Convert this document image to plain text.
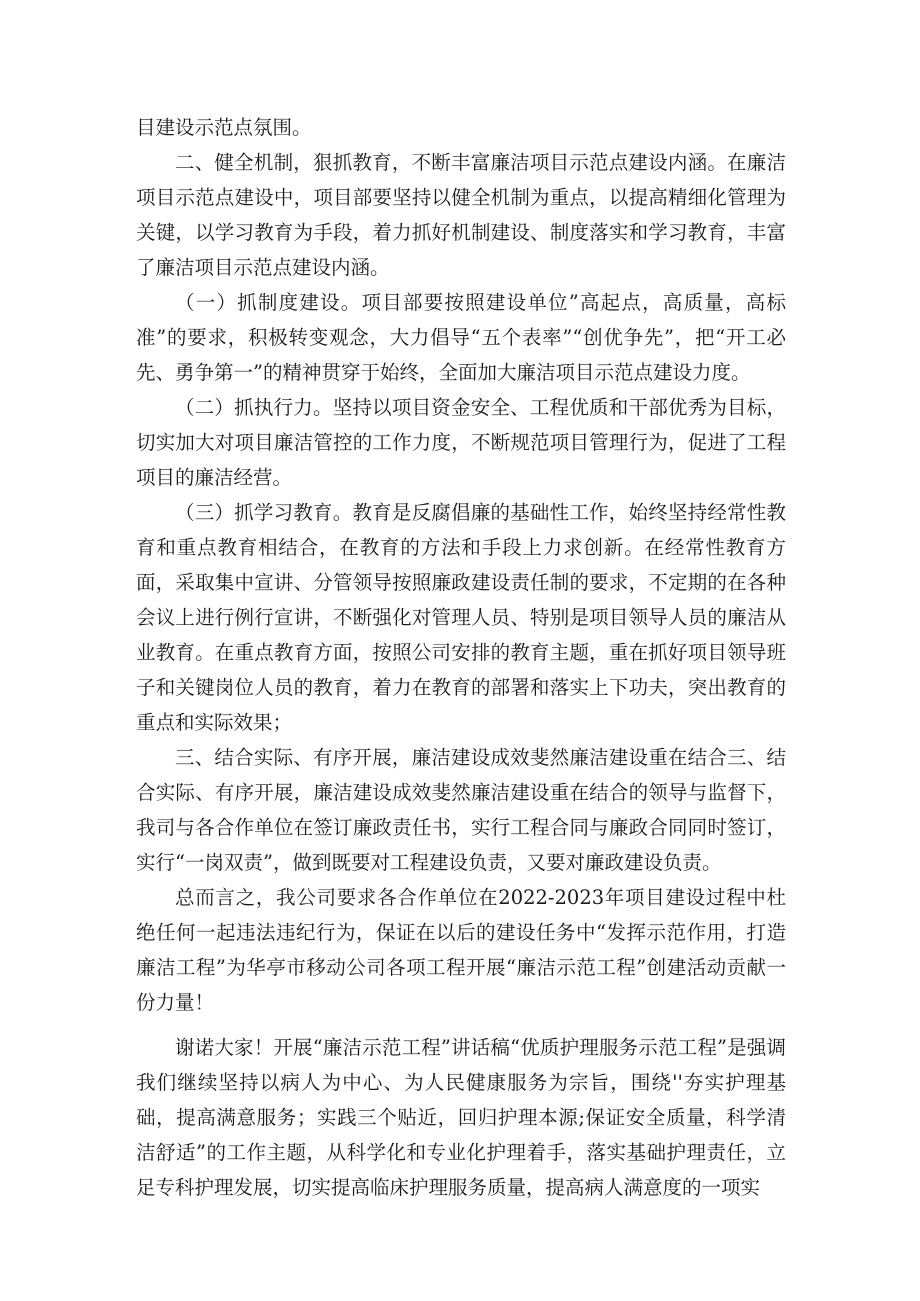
目建设示范点氛围。

二、健全机制，狠抓教育，不断丰富廉洁项目示范点建设内涵。在廉洁项目示范点建设中，项目部要坚持以健全机制为重点，以提高精细化管理为关键，以学习教育为手段，着力抓好机制建设、制度落实和学习教育，丰富了廉洁项目示范点建设内涵。

（一）抓制度建设。项目部要按照建设单位”高起点，高质量，高标准”的要求，积极转变观念，大力倡导“五个表率”“创优争先”，把“开工必先、勇争第一”的精神贯穿于始终，全面加大廉洁项目示范点建设力度。

（二）抓执行力。坚持以项目资金安全、工程优质和干部优秀为目标，切实加大对项目廉洁管控的工作力度，不断规范项目管理行为，促进了工程项目的廉洁经营。

（三）抓学习教育。教育是反腐倡廉的基础性工作，始终坚持经常性教育和重点教育相结合，在教育的方法和手段上力求创新。在经常性教育方面，采取集中宣讲、分管领导按照廉政建设责任制的要求，不定期的在各种会议上进行例行宣讲，不断强化对管理人员、特别是项目领导人员的廉洁从业教育。在重点教育方面，按照公司安排的教育主题，重在抓好项目领导班子和关键岗位人员的教育，着力在教育的部署和落实上下功夫，突出教育的重点和实际效果；

三、结合实际、有序开展，廉洁建设成效斐然廉洁建设重在结合三、结合实际、有序开展，廉洁建设成效斐然廉洁建设重在结合的领导与监督下，我司与各合作单位在签订廉政责任书，实行工程合同与廉政合同同时签订，实行“一岗双责”，做到既要对工程建设负责，又要对廉政建设负责。

总而言之，我公司要求各合作单位在2022-2023年项目建设过程中杜绝任何一起违法违纪行为，保证在以后的建设任务中“发挥示范作用，打造廉洁工程”为华亭市移动公司各项工程开展“廉洁示范工程”创建活动贡献一份力量！

谢诺大家！开展“廉洁示范工程”讲话稿“优质护理服务示范工程”是强调我们继续坚持以病人为中心、为人民健康服务为宗旨，围绕''夯实护理基础，提高满意服务；实践三个贴近，回归护理本源;保证安全质量，科学清洁舒适”的工作主题，从科学化和专业化护理着手，落实基础护理责任，立足专科护理发展，切实提高临床护理服务质量，提高病人满意度的一项实
